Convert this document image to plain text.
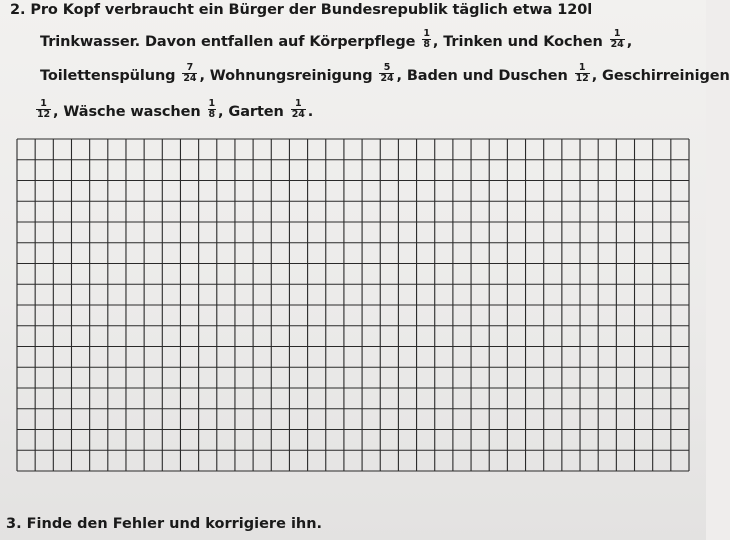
2. Pro Kopf verbraucht ein Bürger der Bundesrepublik täglich etwa 120l
Trinkwasser. Davon entfallen auf Körperpflege $\frac{1}{8}$ , Trinken und Kochen $\frac{1}{24}$ ,
Toilettenspülung $\frac{7}{24}$ , Wohnungsreinigung $\frac{5}{24}$ , Baden und Duschen $\frac{1}{12}$ , Geschirreinigen
$\frac{1}{12}$ , Wäsche waschen $\frac{1}{8}$ , Garten $\frac{1}{24}$ .
3. Finde den Fehler und korrigiere ihn.
